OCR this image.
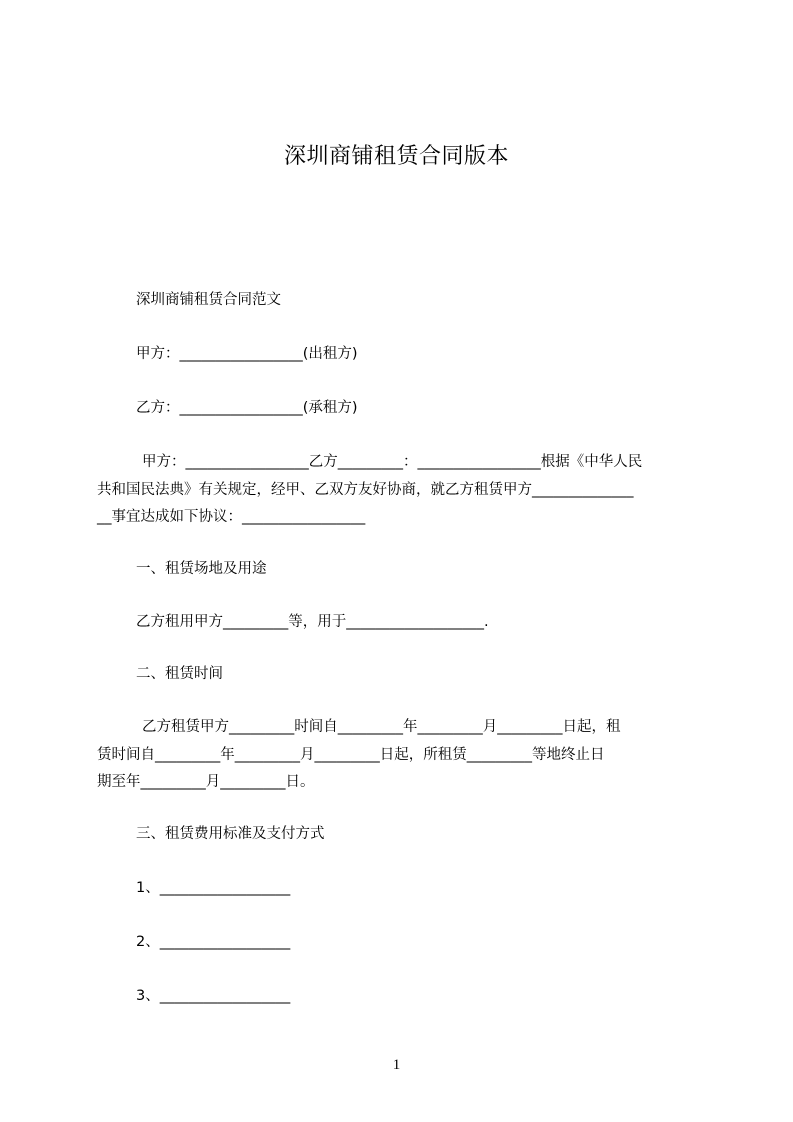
深圳商铺租赁合同版本

深圳商铺租赁合同范文

甲方：_________________(出租方)

乙方：_________________(承租方)

甲方：_________________乙方_________：_________________根据《中华人民

共和国民法典》有关规定，经甲、乙双方友好协商，就乙方租赁甲方______________

__事宜达成如下协议：_________________

一、租赁场地及用途

乙方租用甲方_________等，用于___________________.

二、租赁时间

乙方租赁甲方_________时间自_________年_________月_________日起，租

赁时间自_________年_________月_________日起，所租赁_________等地终止日

期至年_________月_________日。

三、租赁费用标准及支付方式

1、__________________

2、__________________

3、__________________

1
